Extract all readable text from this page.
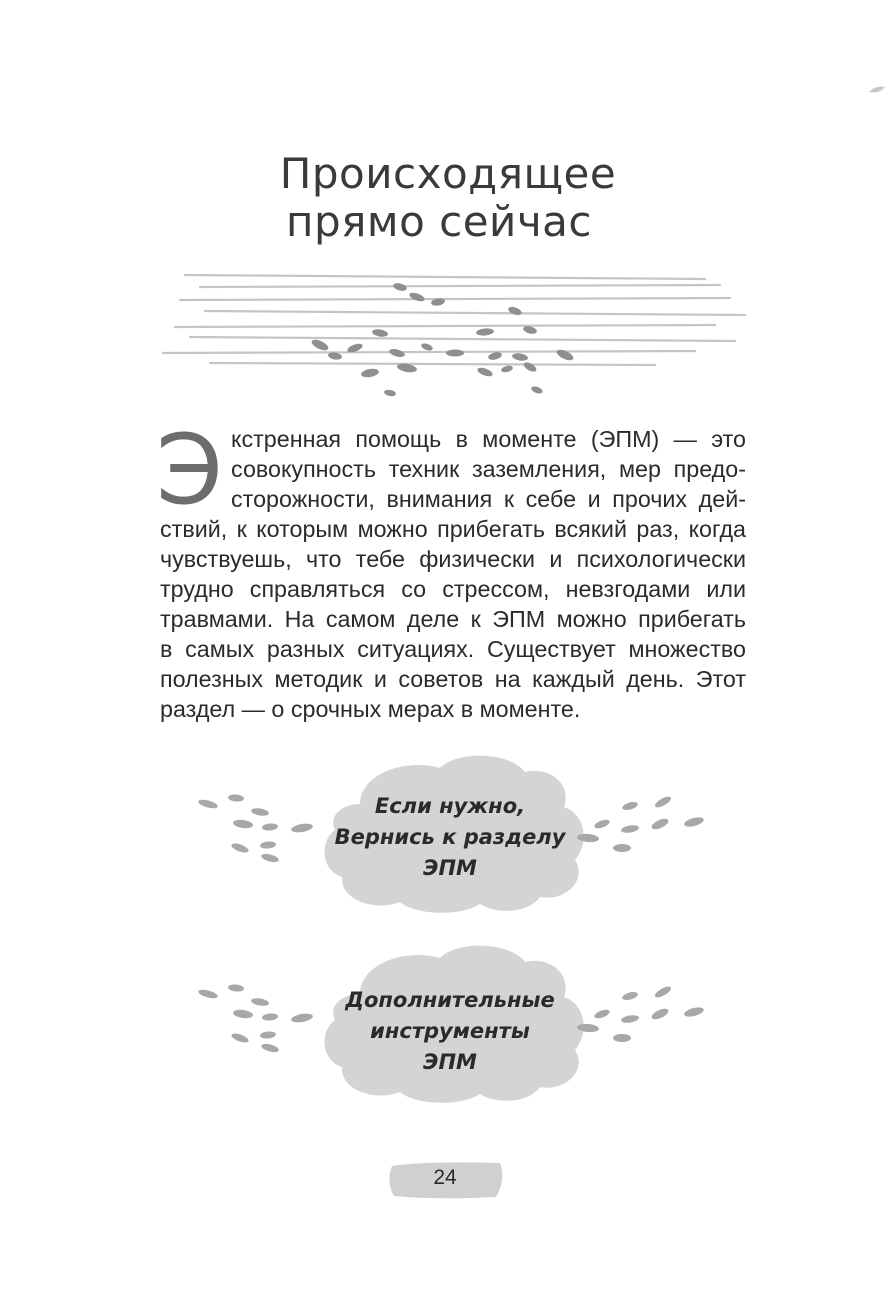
Происходящее
прямо сейчас
Э кстренная помощь в моменте (ЭПМ) — это
совокупность техник заземления, мер предо-
сторожности, внимания к себе и прочих дей-
ствий, к которым можно прибегать всякий раз, когда
чувствуешь, что тебе физически и психологически
трудно справляться со стрессом, невзгодами или
травмами. На самом деле к ЭПМ можно прибегать
в самых разных ситуациях. Существует множество
полезных методик и советов на каждый день. Этот
раздел — о срочных мерах в моменте.
Если нужно,
Вернись к разделу
ЭПМ
Дополнительные
инструменты
ЭПМ
24
